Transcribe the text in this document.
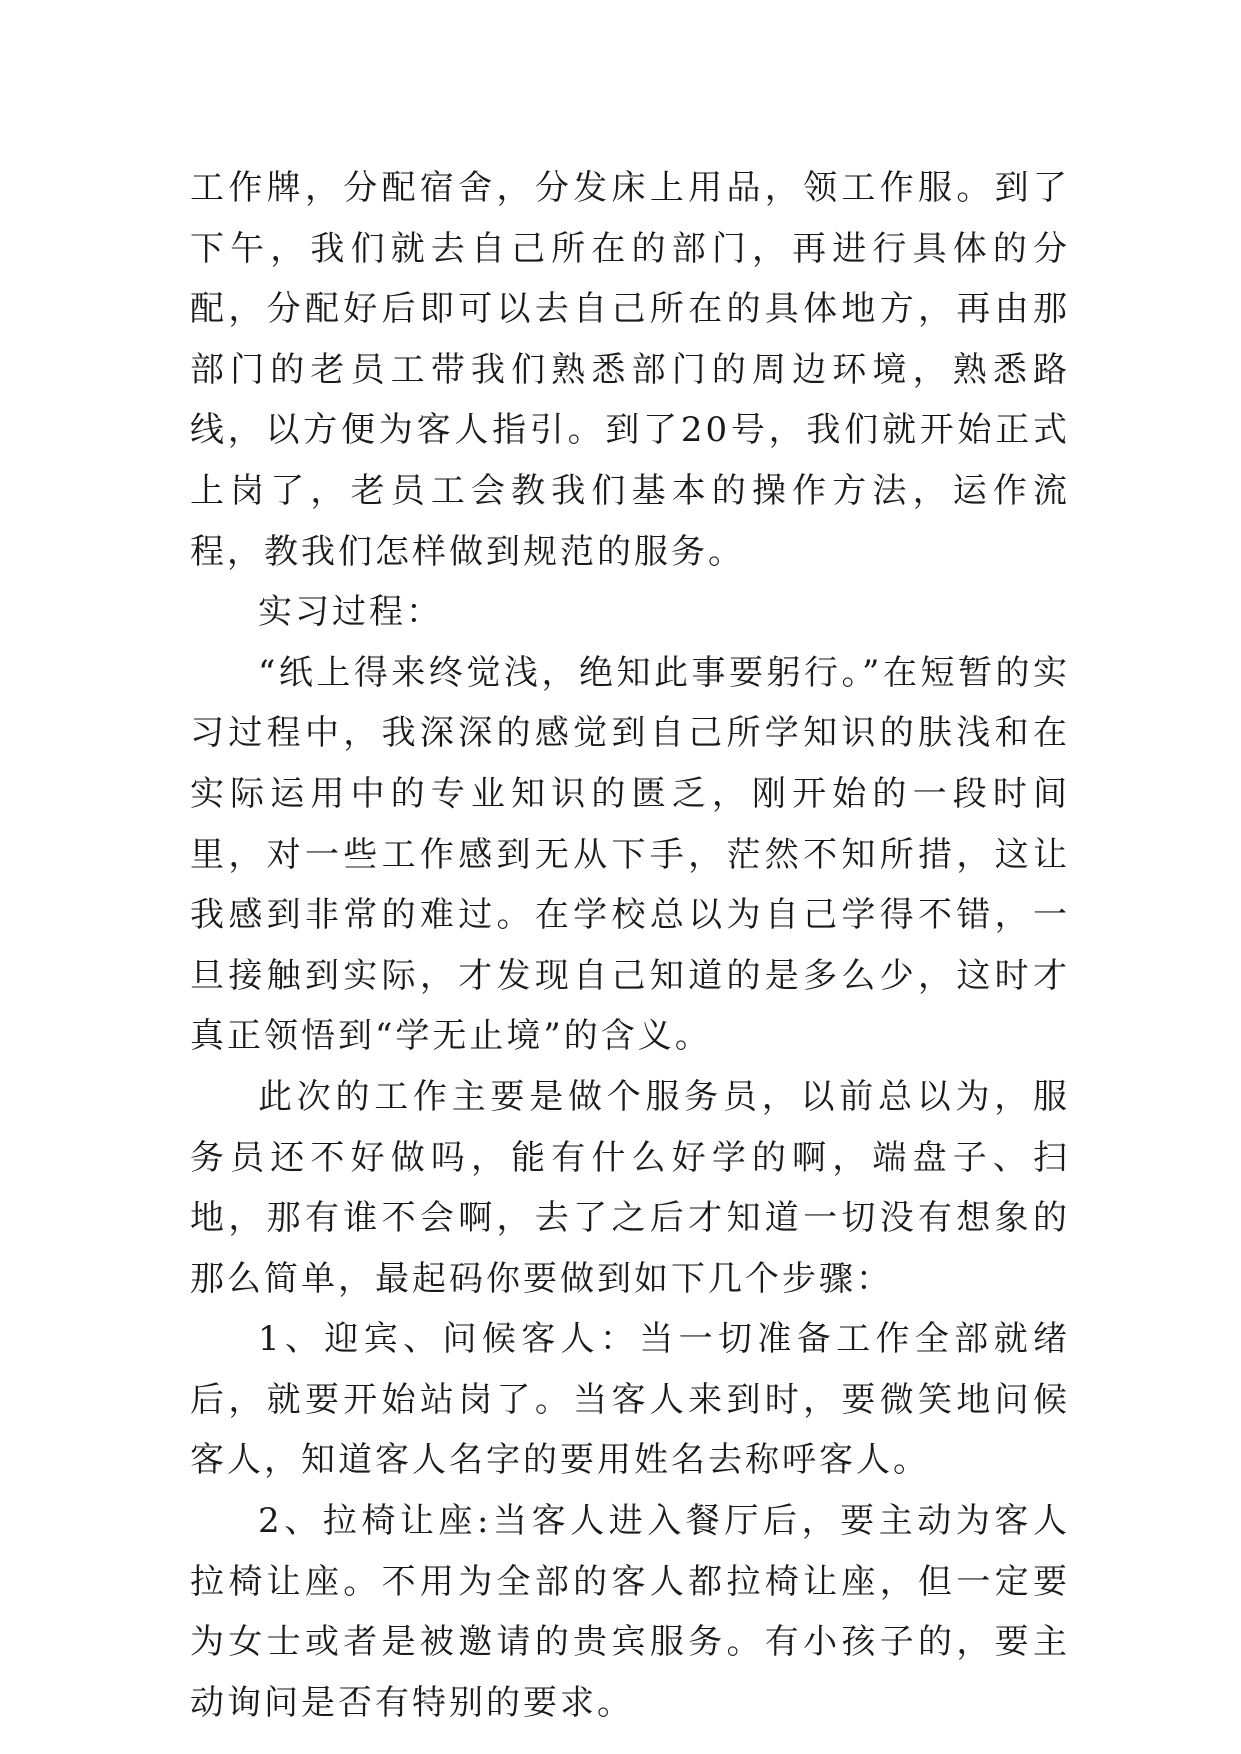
工作牌，分配宿舍，分发床上用品，领工作服。到了下午，我们就去自己所在的部门，再进行具体的分配，分配好后即可以去自己所在的具体地方，再由那部门的老员工带我们熟悉部门的周边环境，熟悉路线，以方便为客人指引。到了20号，我们就开始正式上岗了，老员工会教我们基本的操作方法，运作流程，教我们怎样做到规范的服务。

实习过程：

“纸上得来终觉浅，绝知此事要躬行。”在短暂的实习过程中，我深深的感觉到自己所学知识的肤浅和在实际运用中的专业知识的匮乏，刚开始的一段时间里，对一些工作感到无从下手，茫然不知所措，这让我感到非常的难过。在学校总以为自己学得不错，一旦接触到实际，才发现自己知道的是多么少，这时才真正领悟到“学无止境”的含义。

此次的工作主要是做个服务员，以前总以为，服务员还不好做吗，能有什么好学的啊，端盘子、扫地，那有谁不会啊，去了之后才知道一切没有想象的那么简单，最起码你要做到如下几个步骤：

1、迎宾、问候客人：当一切准备工作全部就绪后，就要开始站岗了。当客人来到时，要微笑地问候客人，知道客人名字的要用姓名去称呼客人。

2、拉椅让座:当客人进入餐厅后，要主动为客人拉椅让座。不用为全部的客人都拉椅让座，但一定要为女士或者是被邀请的贵宾服务。有小孩子的，要主动询问是否有特别的要求。
